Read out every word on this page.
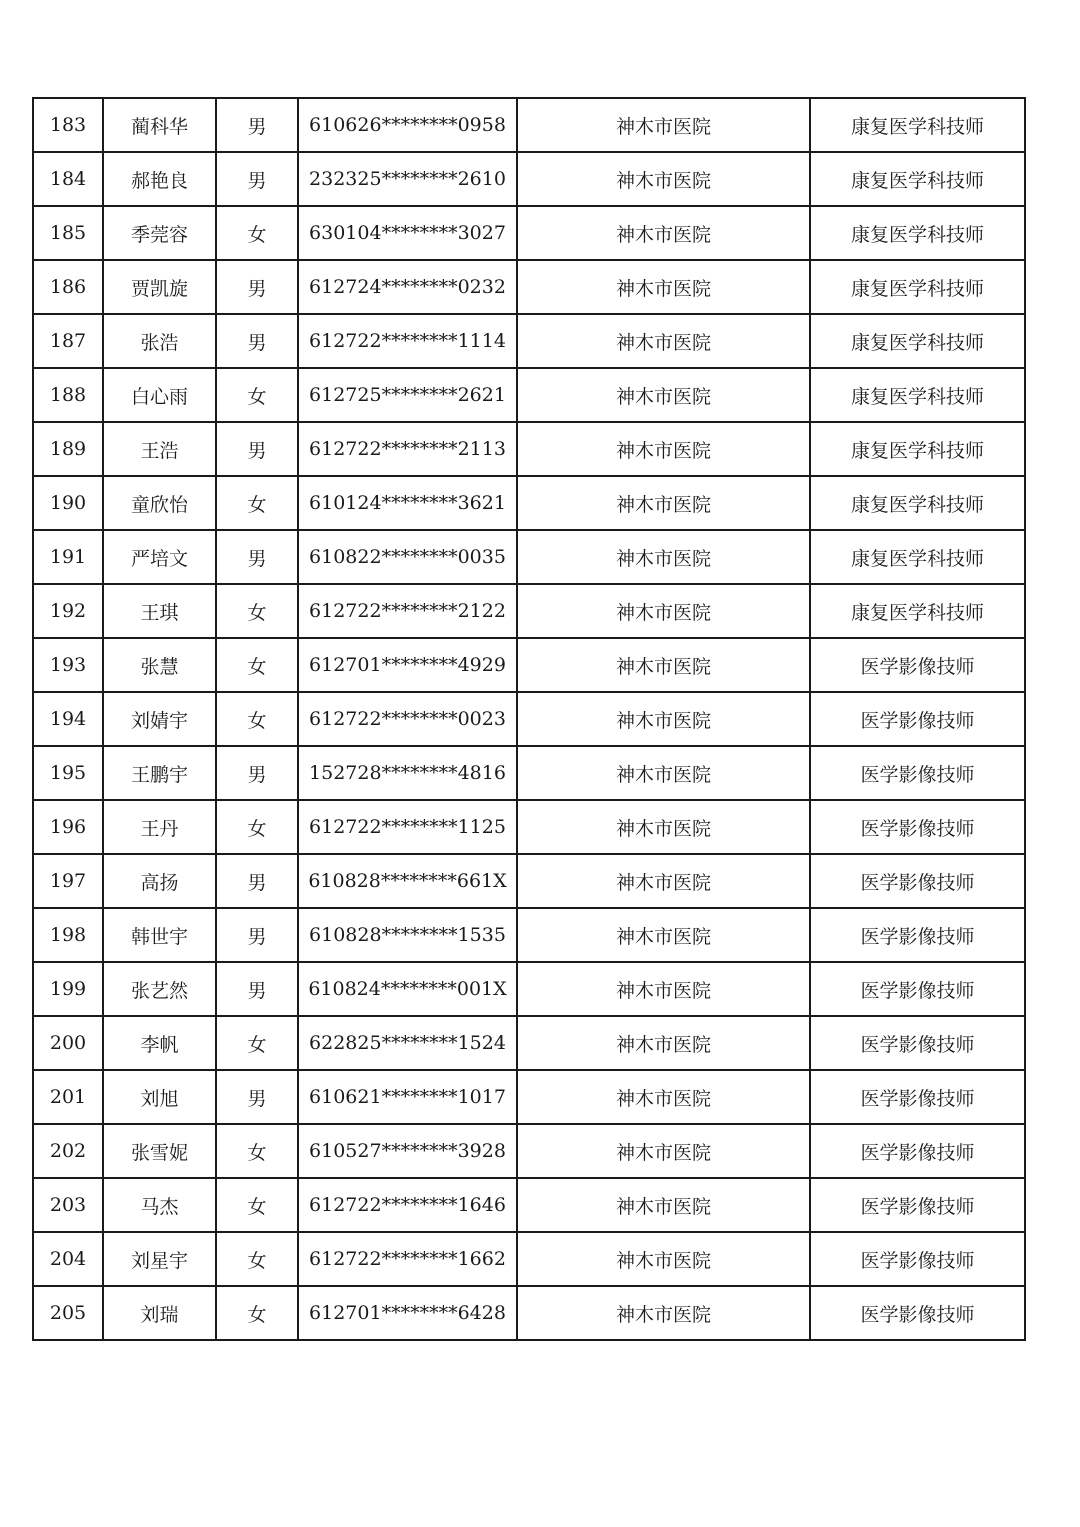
183	蔺科华	男	610626********0958	神木市医院	康复医学科技师
184	郝艳良	男	232325********2610	神木市医院	康复医学科技师
185	季莞容	女	630104********3027	神木市医院	康复医学科技师
186	贾凯旋	男	612724********0232	神木市医院	康复医学科技师
187	张浩	男	612722********1114	神木市医院	康复医学科技师
188	白心雨	女	612725********2621	神木市医院	康复医学科技师
189	王浩	男	612722********2113	神木市医院	康复医学科技师
190	童欣怡	女	610124********3621	神木市医院	康复医学科技师
191	严培文	男	610822********0035	神木市医院	康复医学科技师
192	王琪	女	612722********2122	神木市医院	康复医学科技师
193	张慧	女	612701********4929	神木市医院	医学影像技师
194	刘婧宇	女	612722********0023	神木市医院	医学影像技师
195	王鹏宇	男	152728********4816	神木市医院	医学影像技师
196	王丹	女	612722********1125	神木市医院	医学影像技师
197	高扬	男	610828********661X	神木市医院	医学影像技师
198	韩世宇	男	610828********1535	神木市医院	医学影像技师
199	张艺然	男	610824********001X	神木市医院	医学影像技师
200	李帆	女	622825********1524	神木市医院	医学影像技师
201	刘旭	男	610621********1017	神木市医院	医学影像技师
202	张雪妮	女	610527********3928	神木市医院	医学影像技师
203	马杰	女	612722********1646	神木市医院	医学影像技师
204	刘星宇	女	612722********1662	神木市医院	医学影像技师
205	刘瑞	女	612701********6428	神木市医院	医学影像技师
